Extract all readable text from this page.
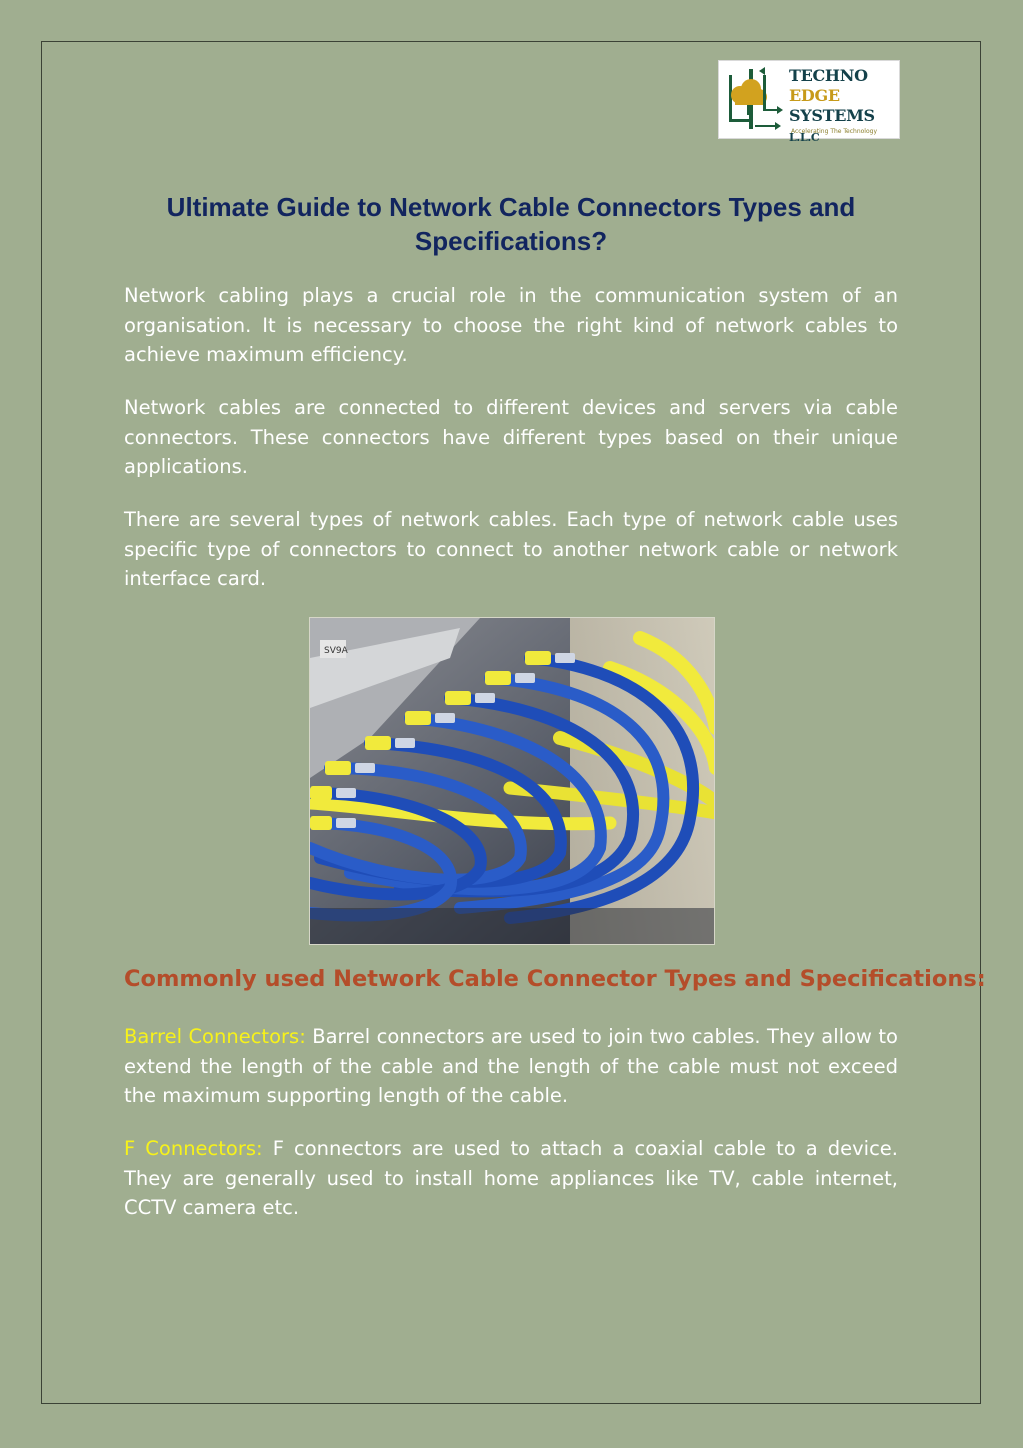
TECHNO
EDGE
SYSTEMS L.L.C
Accelerating The Technology
Ultimate Guide to Network Cable Connectors Types and Specifications?

Network cabling plays a crucial role in the communication system of an organisation. It is necessary to choose the right kind of network cables to achieve maximum efficiency.

Network cables are connected to different devices and servers via cable connectors. These connectors have different types based on their unique applications.

There are several types of network cables. Each type of network cable uses specific type of connectors to connect to another network cable or network interface card.

SV9A
Commonly used Network Cable Connector Types and Specifications:

Barrel Connectors: Barrel connectors are used to join two cables. They allow to extend the length of the cable and the length of the cable must not exceed the maximum supporting length of the cable.

F Connectors: F connectors are used to attach a coaxial cable to a device. They are generally used to install home appliances like TV, cable internet, CCTV camera etc.
